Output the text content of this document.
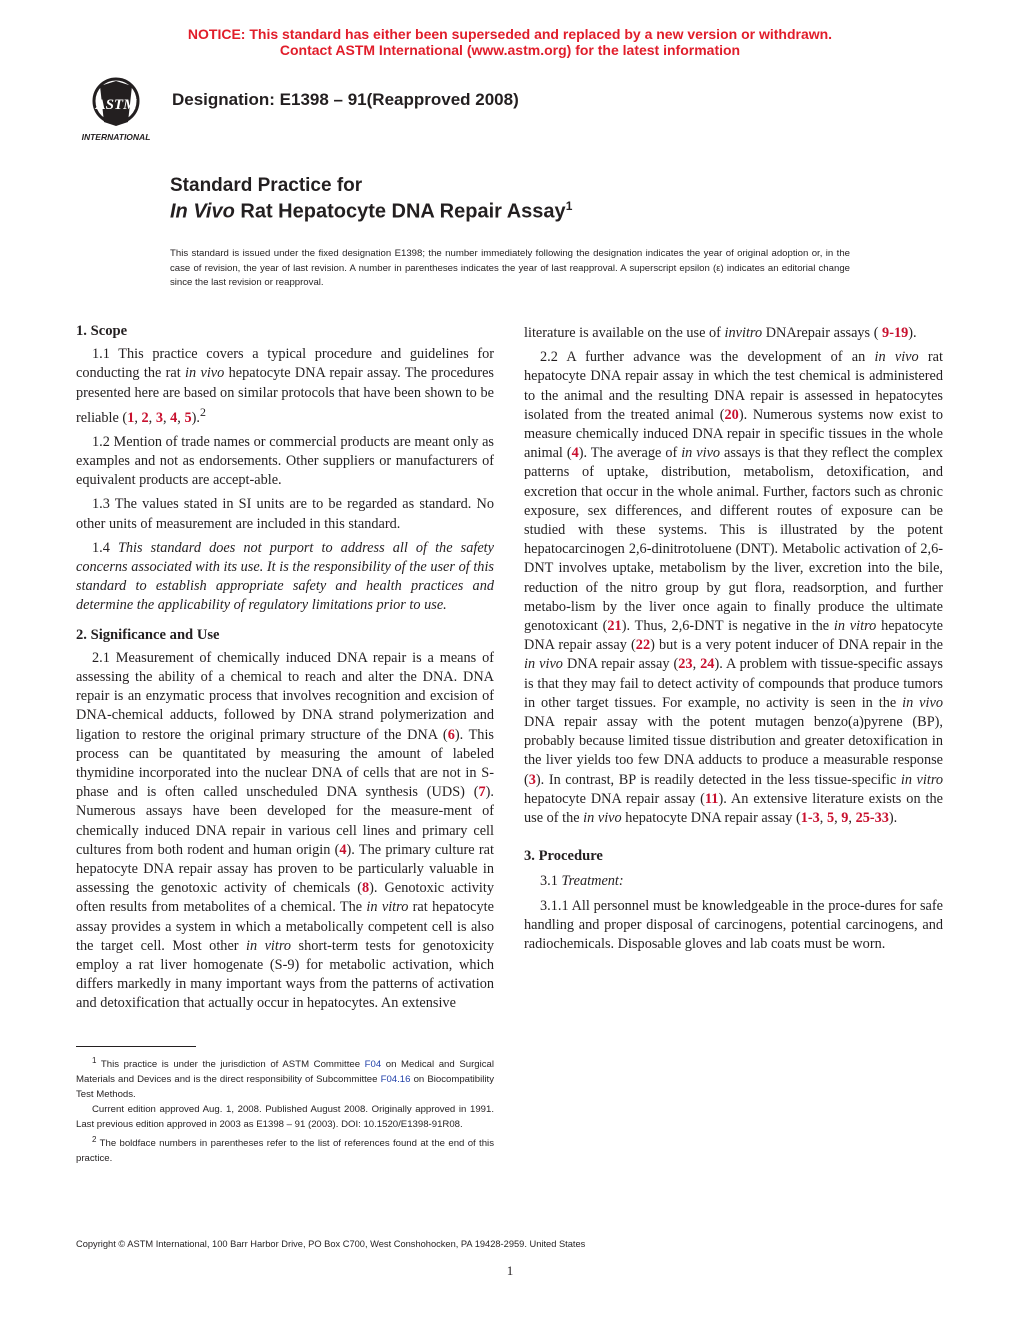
NOTICE: This standard has either been superseded and replaced by a new version or withdrawn.
Contact ASTM International (www.astm.org) for the latest information
ASTM
INTERNATIONAL
Designation: E1398 – 91(Reapproved 2008)
Standard Practice for
In Vivo Rat Hepatocyte DNA Repair Assay$^1$
This standard is issued under the fixed designation E1398; the number immediately following the designation indicates the year of original adoption or, in the case of revision, the year of last revision. A number in parentheses indicates the year of last reapproval. A superscript epsilon (ε) indicates an editorial change since the last revision or reapproval.
1. Scope

1.1 This practice covers a typical procedure and guidelines for conducting the rat in vivo hepatocyte DNA repair assay. The procedures presented here are based on similar protocols that have been shown to be reliable (1, 2, 3, 4, 5).$^2$

1.2 Mention of trade names or commercial products are meant only as examples and not as endorsements. Other suppliers or manufacturers of equivalent products are accept-able.

1.3 The values stated in SI units are to be regarded as standard. No other units of measurement are included in this standard.

1.4 This standard does not purport to address all of the safety concerns associated with its use. It is the responsibility of the user of this standard to establish appropriate safety and health practices and determine the applicability of regulatory limitations prior to use.

2. Significance and Use

2.1 Measurement of chemically induced DNA repair is a means of assessing the ability of a chemical to reach and alter the DNA. DNA repair is an enzymatic process that involves recognition and excision of DNA-chemical adducts, followed by DNA strand polymerization and ligation to restore the original primary structure of the DNA (6). This process can be quantitated by measuring the amount of labeled thymidine incorporated into the nuclear DNA of cells that are not in S-phase and is often called unscheduled DNA synthesis (UDS) (7). Numerous assays have been developed for the measure-ment of chemically induced DNA repair in various cell lines and primary cell cultures from both rodent and human origin (4). The primary culture rat hepatocyte DNA repair assay has proven to be particularly valuable in assessing the genotoxic activity of chemicals (8). Genotoxic activity often results from metabolites of a chemical. The in vitro rat hepatocyte assay provides a system in which a metabolically competent cell is also the target cell. Most other in vitro short-term tests for genotoxicity employ a rat liver homogenate (S-9) for metabolic activation, which differs markedly in many important ways from the patterns of activation and detoxification that actually occur in hepatocytes. An extensive

$^1$ This practice is under the jurisdiction of ASTM Committee F04 on Medical and Surgical Materials and Devices and is the direct responsibility of Subcommittee F04.16 on Biocompatibility Test Methods.

Current edition approved Aug. 1, 2008. Published August 2008. Originally approved in 1991. Last previous edition approved in 2003 as E1398 – 91 (2003). DOI: 10.1520/E1398-91R08.

$^2$ The boldface numbers in parentheses refer to the list of references found at the end of this practice.

literature is available on the use of invitro DNArepair assays ( 9-19).

2.2 A further advance was the development of an in vivo rat hepatocyte DNA repair assay in which the test chemical is administered to the animal and the resulting DNA repair is assessed in hepatocytes isolated from the treated animal (20). Numerous systems now exist to measure chemically induced DNA repair in specific tissues in the whole animal (4). The average of in vivo assays is that they reflect the complex patterns of uptake, distribution, metabolism, detoxification, and excretion that occur in the whole animal. Further, factors such as chronic exposure, sex differences, and different routes of exposure can be studied with these systems. This is illustrated by the potent hepatocarcinogen 2,6-dinitrotoluene (DNT). Metabolic activation of 2,6-DNT involves uptake, metabolism by the liver, excretion into the bile, reduction of the nitro group by gut flora, readsorption, and further metabo-lism by the liver once again to finally produce the ultimate genotoxicant (21). Thus, 2,6-DNT is negative in the in vitro hepatocyte DNA repair assay (22) but is a very potent inducer of DNA repair in the in vivo DNA repair assay (23, 24). A problem with tissue-specific assays is that they may fail to detect activity of compounds that produce tumors in other target tissues. For example, no activity is seen in the in vivo DNA repair assay with the potent mutagen benzo(a)pyrene (BP), probably because limited tissue distribution and greater detoxification in the liver yields too few DNA adducts to produce a measurable response (3). In contrast, BP is readily detected in the less tissue-specific in vitro hepatocyte DNA repair assay (11). An extensive literature exists on the use of the in vivo hepatocyte DNA repair assay (1-3, 5, 9, 25-33).

3. Procedure

3.1 Treatment:

3.1.1 All personnel must be knowledgeable in the proce-dures for safe handling and proper disposal of carcinogens, potential carcinogens, and radiochemicals. Disposable gloves and lab coats must be worn.

Copyright © ASTM International, 100 Barr Harbor Drive, PO Box C700, West Conshohocken, PA 19428-2959. United States
1
